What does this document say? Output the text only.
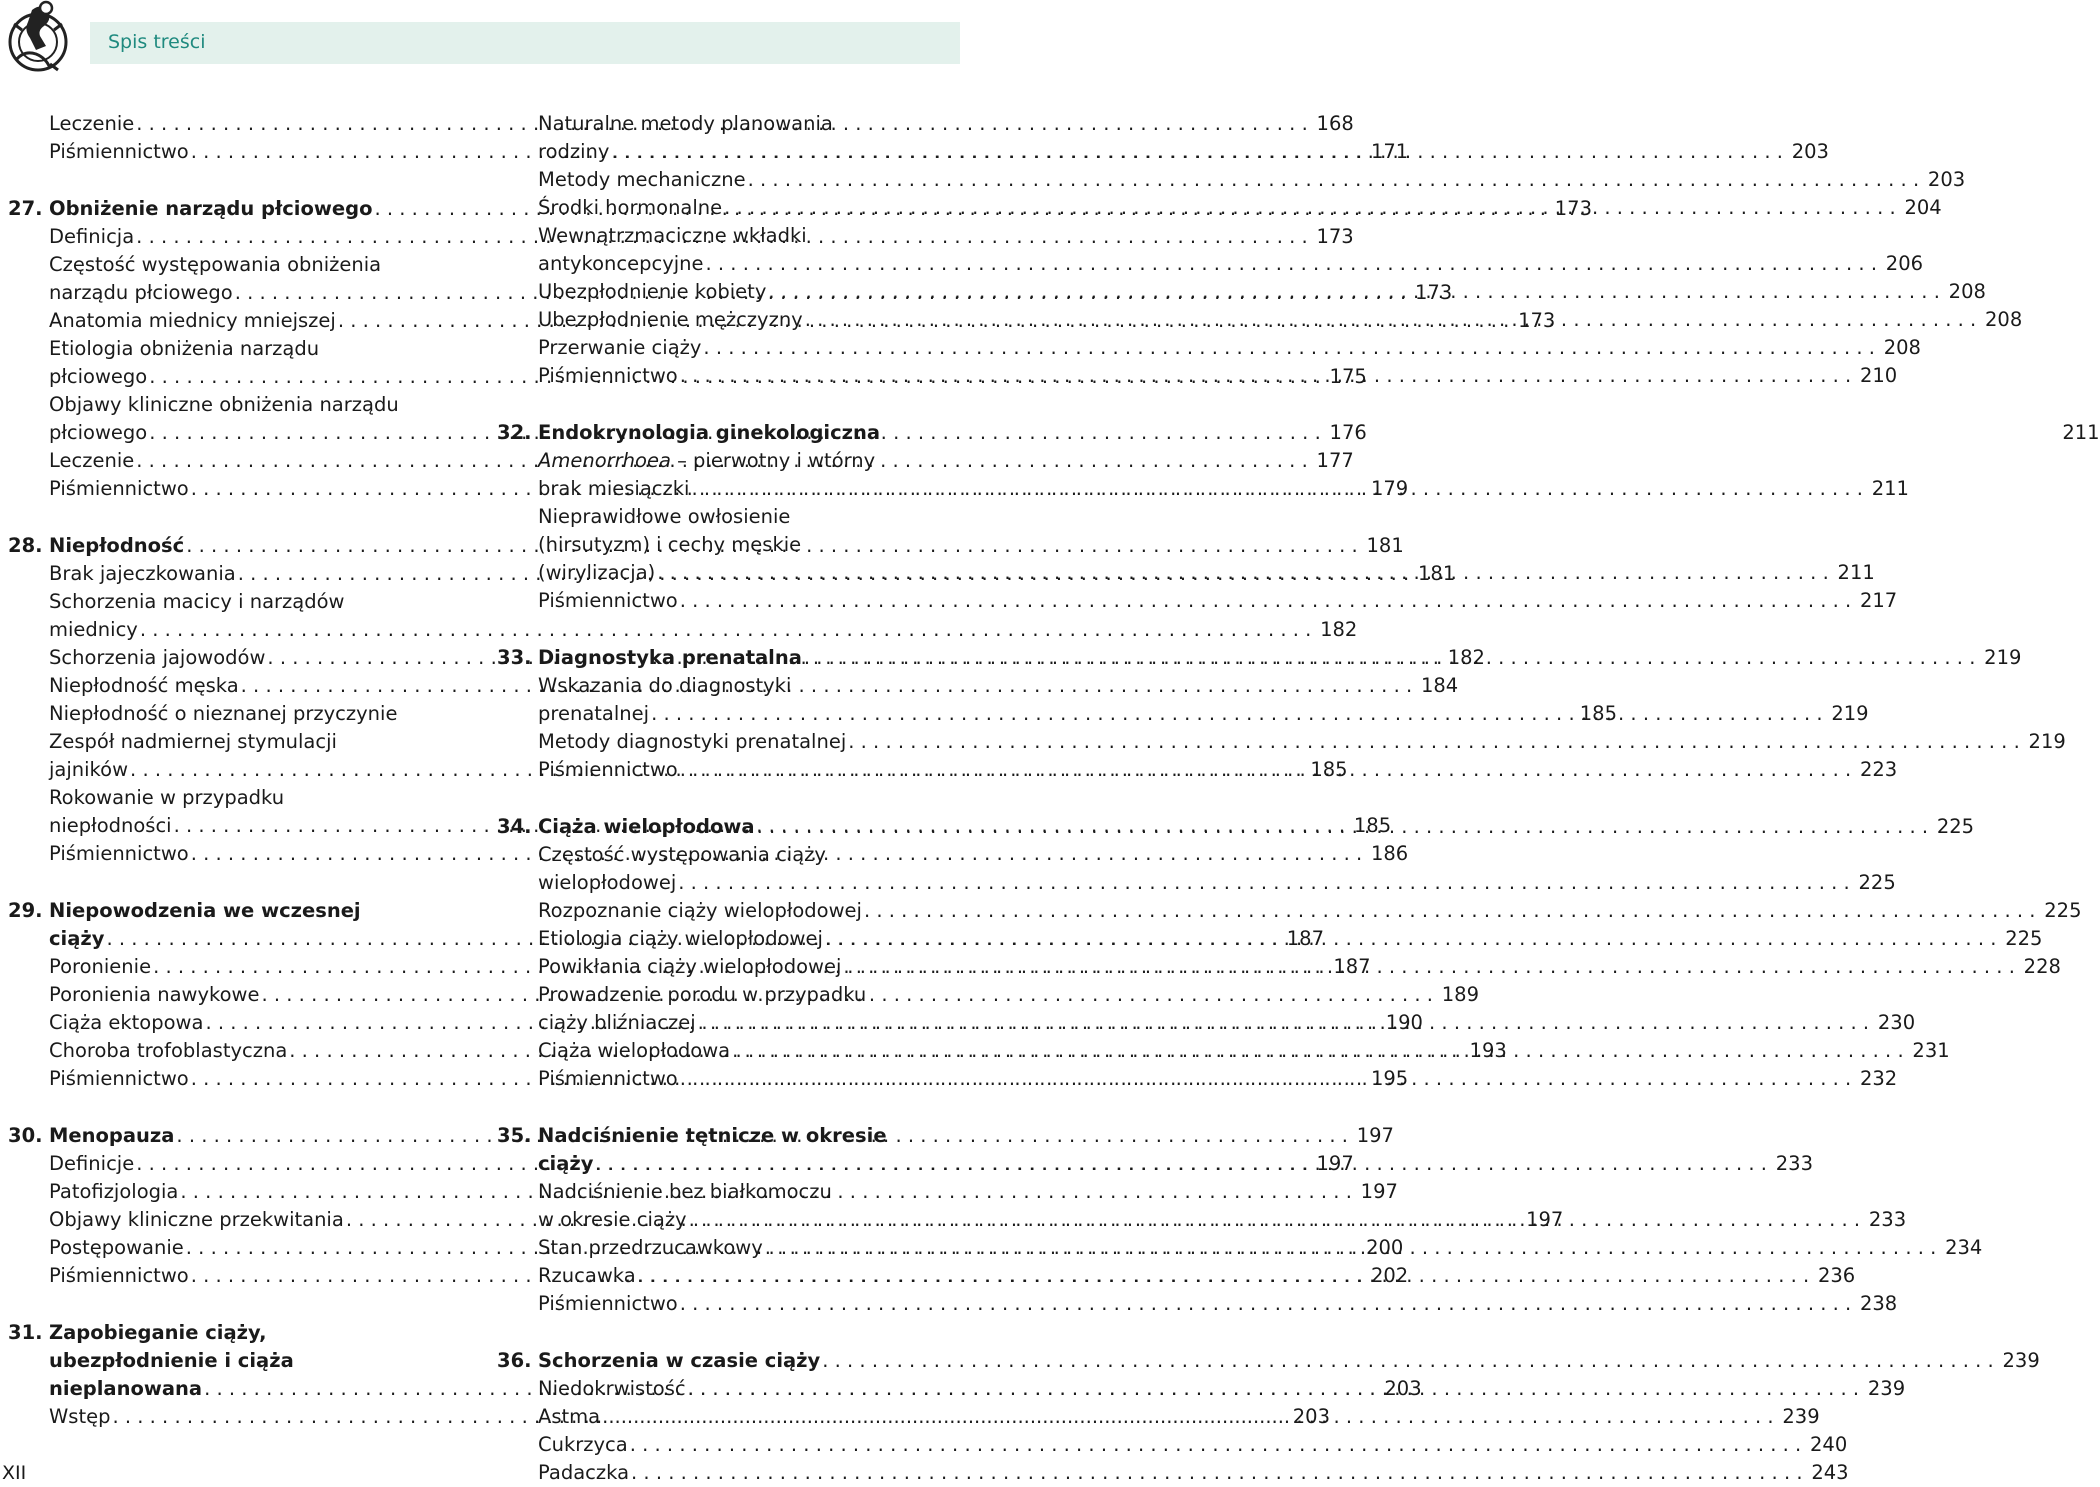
Spis treści
Leczenie . . .	168
Piśmiennictwo . . .	171
27. Obniżenie narządu płciowego . . .	173
Definicja . . .	173
Częstość występowania obniżenia
narządu płciowego . . .	173
Anatomia miednicy mniejszej . . .	173
Etiologia obniżenia narządu
płciowego . . .	175
Objawy kliniczne obniżenia narządu
płciowego . . .	176
Leczenie . . .	177
Piśmiennictwo . . .	179
28. Niepłodność . . .	181
Brak jajeczkowania . . .	181
Schorzenia macicy i narządów
miednicy . . .	182
Schorzenia jajowodów . . .	182
Niepłodność męska . . .	184
Niepłodność o nieznanej przyczynie	185
Zespół nadmiernej stymulacji
jajników . . .	185
Rokowanie w przypadku
niepłodności . . .	185
Piśmiennictwo . . .	186
29. Niepowodzenia we wczesnej
ciąży . . .	187
Poronienie . . .	187
Poronienia nawykowe . . .	189
Ciąża ektopowa . . .	190
Choroba trofoblastyczna . . .	193
Piśmiennictwo . . .	195
30. Menopauza . . .	197
Definicje . . .	197
Patofizjologia . . .	197
Objawy kliniczne przekwitania . . .	197
Postępowanie . . .	200
Piśmiennictwo . . .	202
31. Zapobieganie ciąży,
ubezpłodnienie i ciąża
nieplanowana . . .	203
Wstęp . . .	203
Naturalne metody planowania
rodziny . . .	203
Metody mechaniczne . . .	203
Środki hormonalne . . .	204
Wewnątrzmaciczne wkładki
antykoncepcyjne . . .	206
Ubezpłodnienie kobiety . . .	208
Ubezpłodnienie mężczyzny . . .	208
Przerwanie ciąży . . .	208
Piśmiennictwo . . .	210
32. Endokrynologia ginekologiczna	211
Amenorrhoea – pierwotny i wtórny
brak miesiączki . . .	211
Nieprawidłowe owłosienie
(hirsutyzm) i cechy męskie
(wirylizacja) . . .	211
Piśmiennictwo . . .	217
33. Diagnostyka prenatalna . . .	219
Wskazania do diagnostyki
prenatalnej . . .	219
Metody diagnostyki prenatalnej . . .	219
Piśmiennictwo . . .	223
34. Ciąża wielopłodowa . . .	225
Częstość występowania ciąży
wielopłodowej . . .	225
Rozpoznanie ciąży wielopłodowej . . .	225
Etiologia ciąży wielopłodowej . . .	225
Powikłania ciąży wielopłodowej . . .	228
Prowadzenie porodu w przypadku
ciąży bliźniaczej . . .	230
Ciąża wielopłodowa . . .	231
Piśmiennictwo . . .	232
35. Nadciśnienie tętnicze w okresie
ciąży . . .	233
Nadciśnienie bez białkomoczu
w okresie ciąży . . .	233
Stan przedrzucawkowy . . .	234
Rzucawka . . .	236
Piśmiennictwo . . .	238
36. Schorzenia w czasie ciąży . . .	239
Niedokrwistość . . .	239
Astma . . .	239
Cukrzyca . . .	240
Padaczka . . .	243
XII
